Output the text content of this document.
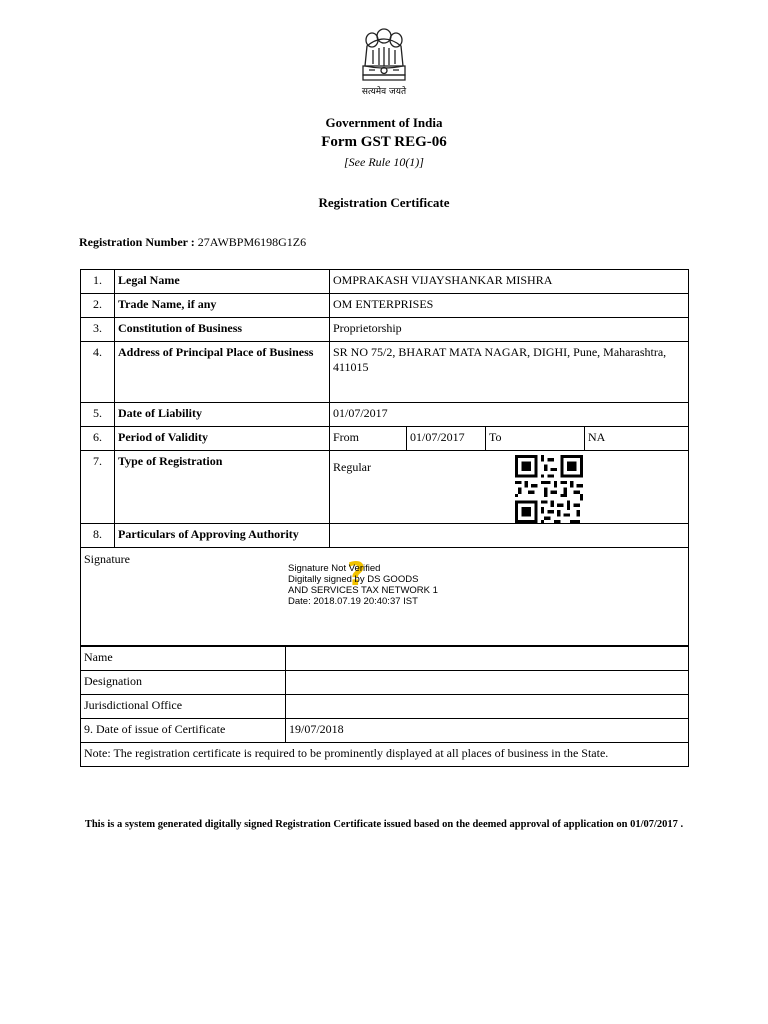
सत्यमेव जयते
Government of India
Form GST REG-06
[See Rule 10(1)]
Registration Certificate
Registration Number : 27AWBPM6198G1Z6
1.	Legal Name	OMPRAKASH VIJAYSHANKAR MISHRA			
2.	Trade Name, if any	OM ENTERPRISES			
3.	Constitution of Business	Proprietorship			
4.	Address of Principal Place of Business	SR NO 75/2, BHARAT MATA NAGAR, DIGHI, Pune, Maharashtra, 411015			
5.	Date of Liability	01/07/2017			
6.	Period of Validity	From	01/07/2017	To	NA
7.	Type of Registration	Regular			
8.	Particulars of Approving Authority				
Signature	?
Signature Not Verified
Digitally signed by DS GOODS
AND SERVICES TAX NETWORK 1
Date: 2018.07.19 20:40:37 IST
Name	
Designation	
Jurisdictional Office	
9. Date of issue of Certificate	19/07/2018
Note: The registration certificate is required to be prominently displayed at all places of business in the State.	
This is a system generated digitally signed Registration Certificate issued based on the deemed approval of application on 01/07/2017 .
